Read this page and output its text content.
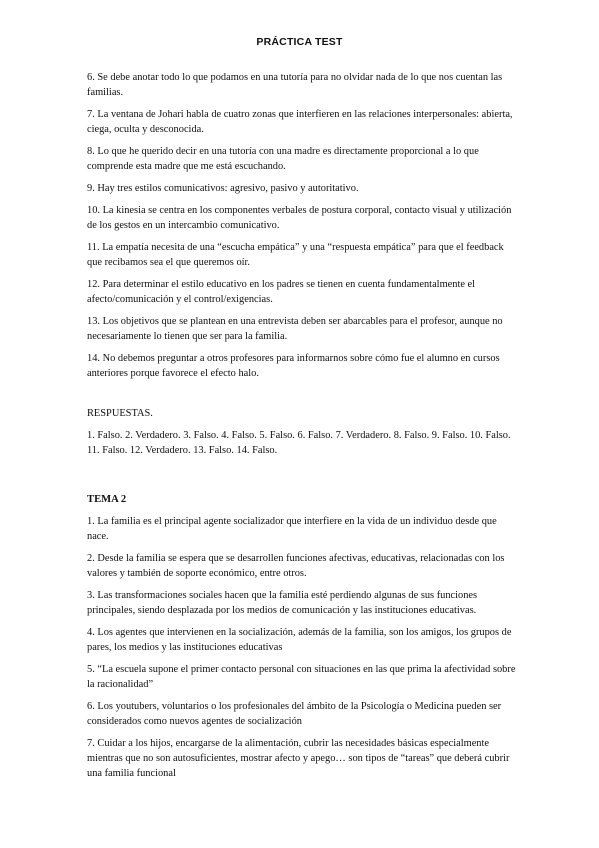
PRÁCTICA TEST

6. Se debe anotar todo lo que podamos en una tutoría para no olvidar nada de lo que nos cuentan las familias.

7. La ventana de Johari habla de cuatro zonas que interfieren en las relaciones interpersonales: abierta, ciega, oculta y desconocida.

8. Lo que he querido decir en una tutoría con una madre es directamente proporcional a lo que comprende esta madre que me está escuchando.

9. Hay tres estilos comunicativos: agresivo, pasivo y autoritativo.

10. La kinesia se centra en los componentes verbales de postura corporal, contacto visual y utilización de los gestos en un intercambio comunicativo.

11. La empatía necesita de una “escucha empática” y una “respuesta empática” para que el feedback que recibamos sea el que queremos oír.

12. Para determinar el estilo educativo en los padres se tienen en cuenta fundamentalmente el afecto/comunicación y el control/exigencias.

13. Los objetivos que se plantean en una entrevista deben ser abarcables para el profesor, aunque no necesariamente lo tienen que ser para la familia.

14. No debemos preguntar a otros profesores para informarnos sobre cómo fue el alumno en cursos anteriores porque favorece el efecto halo.

RESPUESTAS.

1. Falso. 2. Verdadero. 3. Falso. 4. Falso. 5. Falso. 6. Falso. 7. Verdadero. 8. Falso. 9. Falso. 10. Falso. 11. Falso. 12. Verdadero. 13. Falso. 14. Falso.

TEMA 2

1. La familia es el principal agente socializador que interfiere en la vida de un individuo desde que nace.

2. Desde la familia se espera que se desarrollen funciones afectivas, educativas, relacionadas con los valores y también de soporte económico, entre otros.

3. Las transformaciones sociales hacen que la familia esté perdiendo algunas de sus funciones principales, siendo desplazada por los medios de comunicación y las instituciones educativas.

4. Los agentes que intervienen en la socialización, además de la familia, son los amigos, los grupos de pares, los medios y las instituciones educativas

5. “La escuela supone el primer contacto personal con situaciones en las que prima la afectividad sobre la racionalidad”

6. Los youtubers, voluntarios o los profesionales del ámbito de la Psicología o Medicina pueden ser considerados como nuevos agentes de socialización

7. Cuidar a los hijos, encargarse de la alimentación, cubrir las necesidades básicas especialmente mientras que no son autosuficientes, mostrar afecto y apego… son tipos de “tareas” que deberá cubrir una familia funcional
